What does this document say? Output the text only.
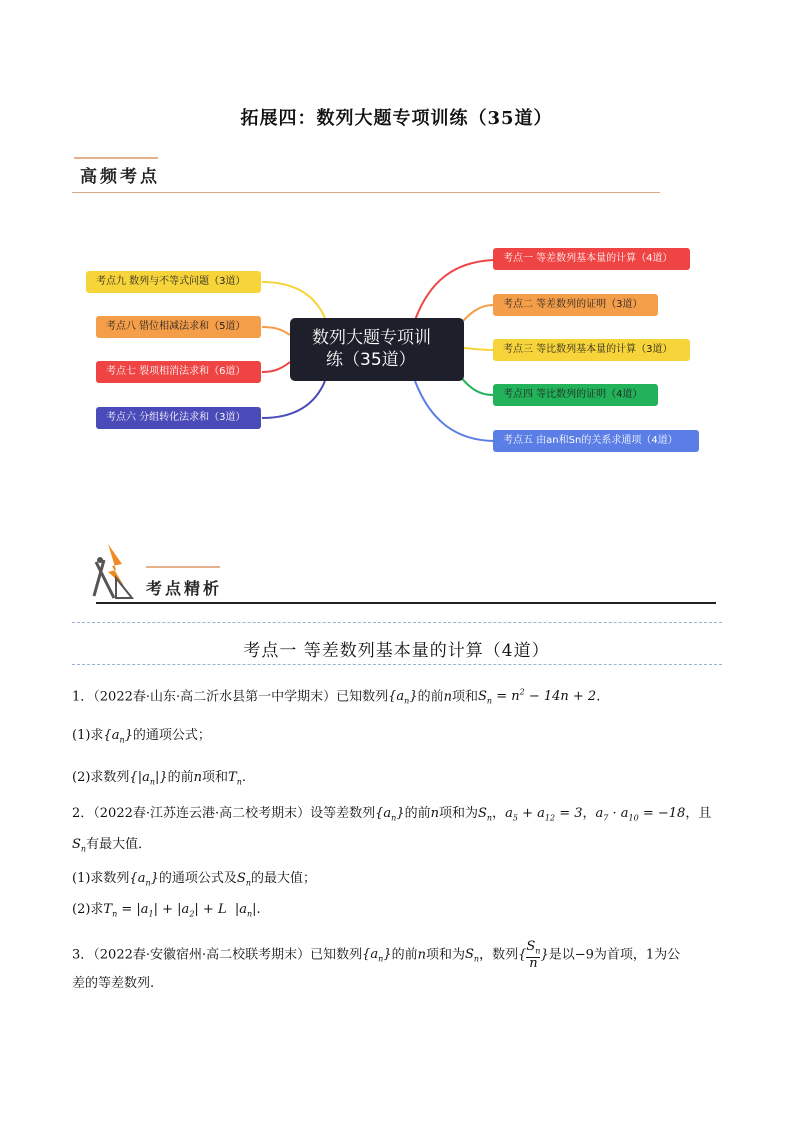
拓展四：数列大题专项训练（35道）
高频考点
数列大题专项训
练（35道）
考点一 等差数列基本量的计算（4道）
考点二 等差数列的证明（3道）
考点三 等比数列基本量的计算（3道）
考点四 等比数列的证明（4道）
考点五 由an和Sn的关系求通项（4道）
考点九 数列与不等式问题（3道）
考点八 错位相减法求和（5道）
考点七 裂项相消法求和（6道）
考点六 分组转化法求和（3道）
考点精析
考点一 等差数列基本量的计算（4道）
1．（2022春·山东·高二沂水县第一中学期末）已知数列$\{a_n\}$的前n项和$S_n = n^2 - 14n + 2$.
(1)求$\{a_n\}$的通项公式；
(2)求数列$\{|a_n|\}$的前n项和$T_n$.
2．（2022春·江苏连云港·高二校考期末）设等差数列$\{a_n\}$的前n项和为$S_n$，$a_5 + a_{12} = 3$，$a_7 \cdot a_{10} = -18$，且
$S_n$有最大值．
(1)求数列$\{a_n\}$的通项公式及$S_n$的最大值；
(2)求$T_n = |a_1| + |a_2| + L$  $|a_n|$.
3．（2022春·安徽宿州·高二校联考期末）已知数列$\{a_n\}$的前n项和为$S_n$，数列{ $\frac{S_n}{n}$ }是以−9为首项，1为公
差的等差数列.
